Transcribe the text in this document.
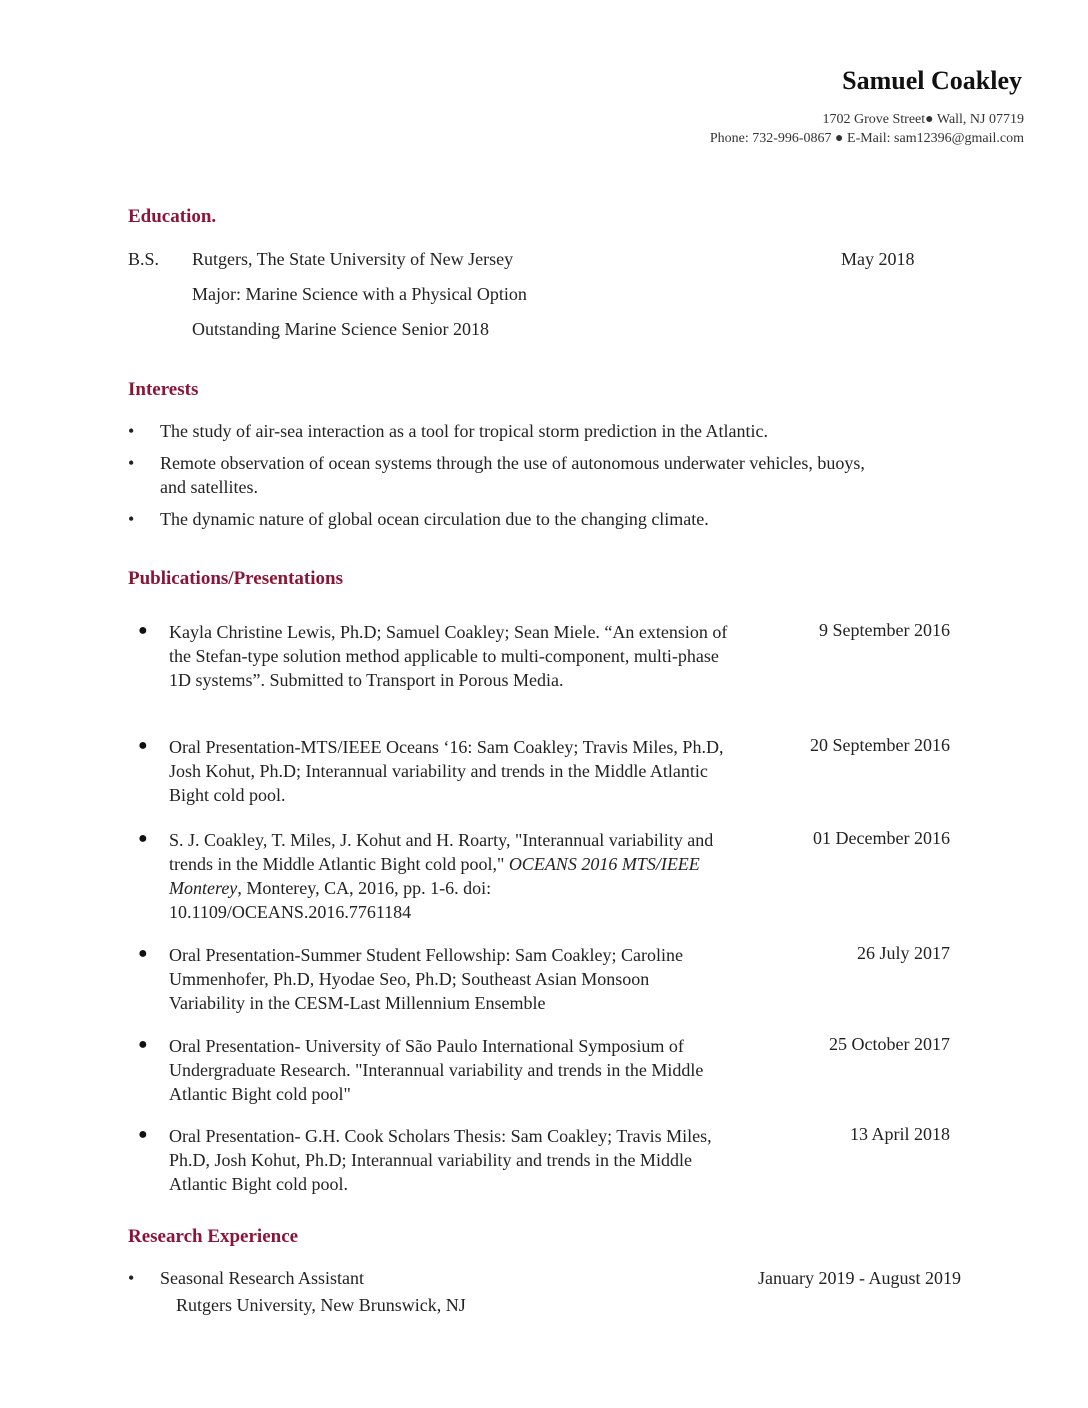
Samuel Coakley
1702 Grove Street● Wall, NJ 07719
Phone: 732-996-0867 ● E-Mail: sam12396@gmail.com
Education.
B.S. Rutgers, The State University of New Jersey	May 2018
Major: Marine Science with a Physical Option
Outstanding Marine Science Senior 2018
Interests
• The study of air-sea interaction as a tool for tropical storm prediction in the Atlantic.
• Remote observation of ocean systems through the use of autonomous underwater vehicles, buoys,
and satellites.
• The dynamic nature of global ocean circulation due to the changing climate.
Publications/Presentations
● Kayla Christine Lewis, Ph.D; Samuel Coakley; Sean Miele. “An extension of the Stefan-type solution method applicable to multi-component, multi-phase 1D systems”. Submitted to Transport in Porous Media.
9 September 2016
● Oral Presentation-MTS/IEEE Oceans ‘16: Sam Coakley; Travis Miles, Ph.D, Josh Kohut, Ph.D; Interannual variability and trends in the Middle Atlantic Bight cold pool.
20 September 2016
● S. J. Coakley, T. Miles, J. Kohut and H. Roarty, "Interannual variability and trends in the Middle Atlantic Bight cold pool," OCEANS 2016 MTS/IEEE Monterey, Monterey, CA, 2016, pp. 1-6. doi: 10.1109/OCEANS.2016.7761184
01 December 2016
● Oral Presentation-Summer Student Fellowship: Sam Coakley; Caroline Ummenhofer, Ph.D, Hyodae Seo, Ph.D; Southeast Asian Monsoon Variability in the CESM-Last Millennium Ensemble
26 July 2017
● Oral Presentation- University of São Paulo International Symposium of Undergraduate Research. "Interannual variability and trends in the Middle Atlantic Bight cold pool"
25 October 2017
● Oral Presentation- G.H. Cook Scholars Thesis: Sam Coakley; Travis Miles, Ph.D, Josh Kohut, Ph.D; Interannual variability and trends in the Middle Atlantic Bight cold pool.
13 April 2018
Research Experience
• Seasonal Research Assistant	January 2019 - August 2019
Rutgers University, New Brunswick, NJ
